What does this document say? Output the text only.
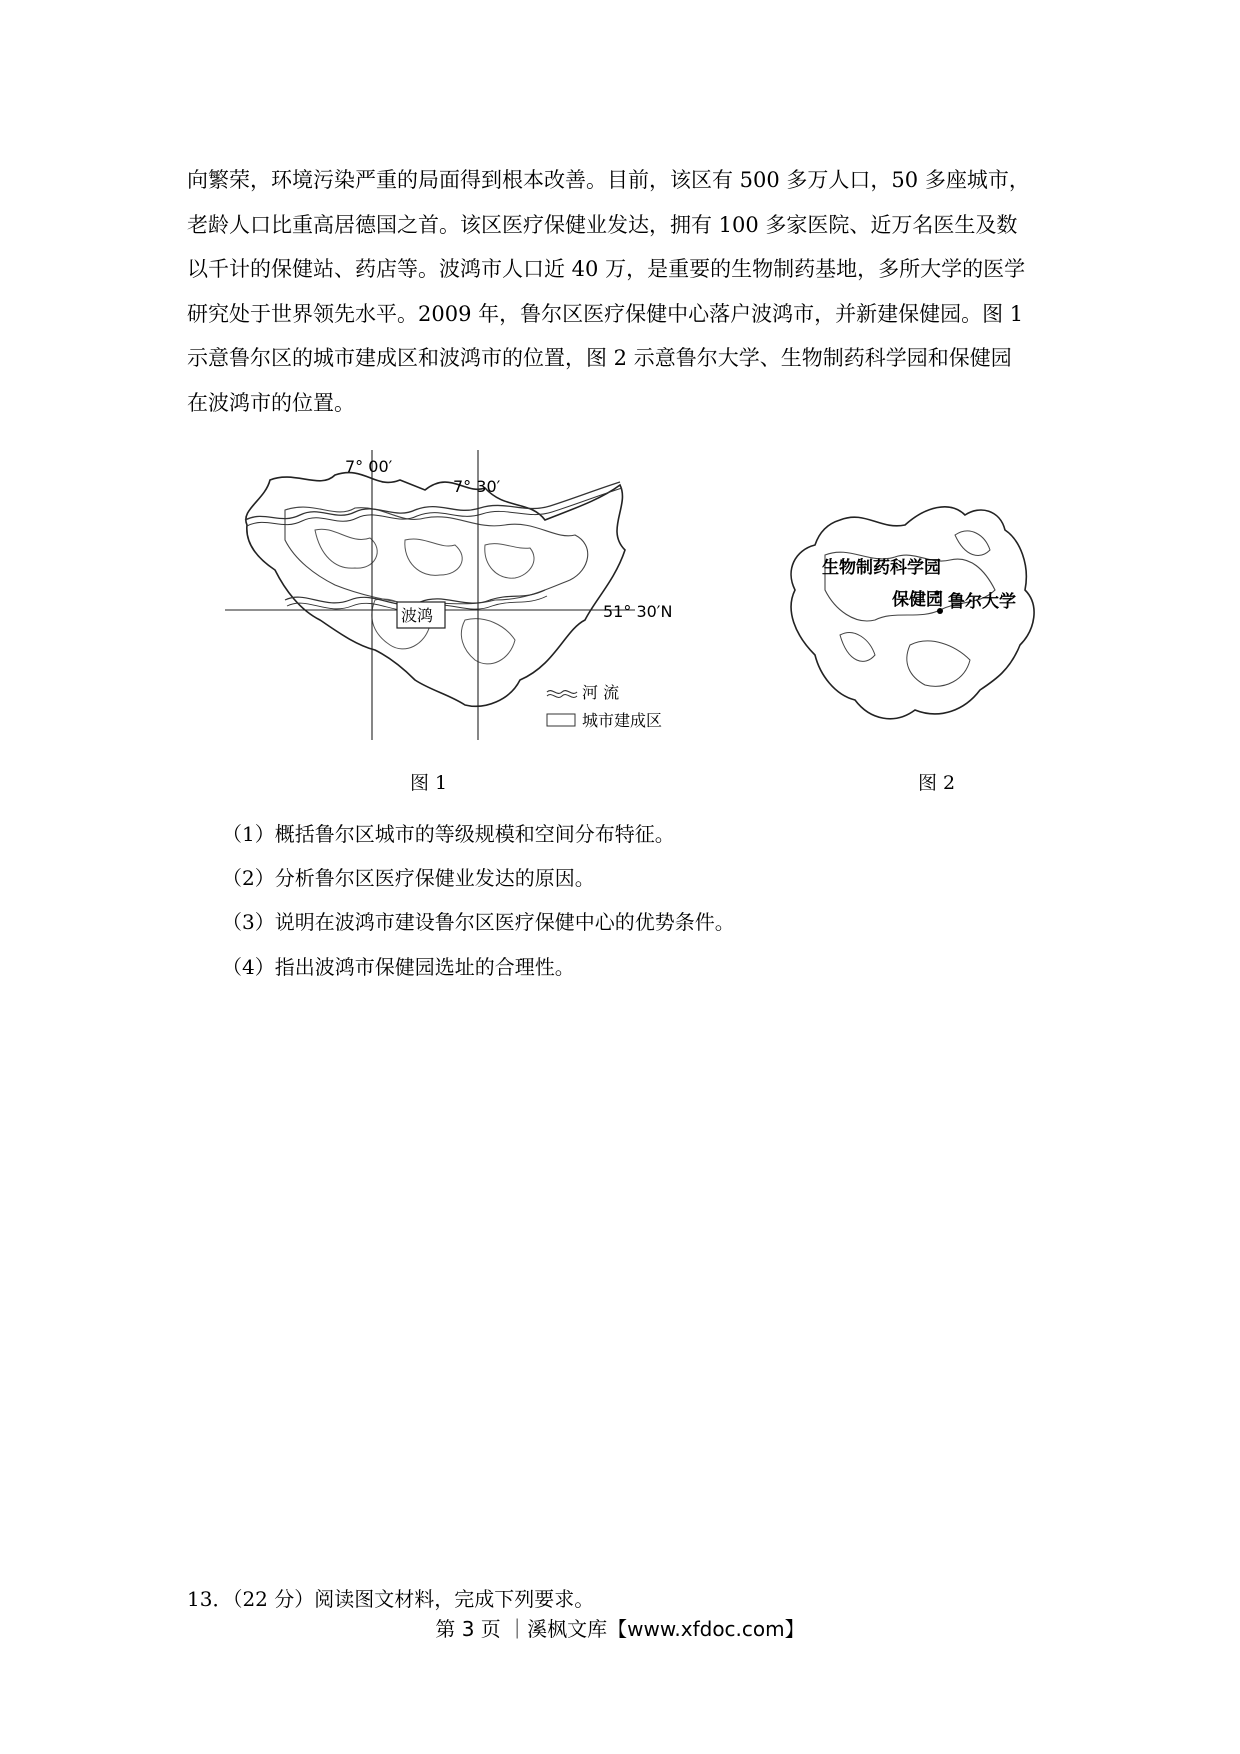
向繁荣，环境污染严重的局面得到根本改善。目前，该区有 500 多万人口，50 多座城市，
老龄人口比重高居德国之首。该区医疗保健业发达，拥有 100 多家医院、近万名医生及数
以千计的保健站、药店等。波鸿市人口近 40 万，是重要的生物制药基地，多所大学的医学
研究处于世界领先水平。2009 年，鲁尔区医疗保健中心落户波鸿市，并新建保健园。图 1
示意鲁尔区的城市建成区和波鸿市的位置，图 2 示意鲁尔大学、生物制药科学园和保健园
在波鸿市的位置。

波鸿
7° 00′
7° 30′
51° 30′N
河 流
城市建成区
生物制药科学园
保健园 鲁尔大学
图 1	图 2
（1）概括鲁尔区城市的等级规模和空间分布特征。
（2）分析鲁尔区医疗保健业发达的原因。
（3）说明在波鸿市建设鲁尔区医疗保健中心的优势条件。
（4）指出波鸿市保健园选址的合理性。
13．（22 分）阅读图文材料，完成下列要求。
第 3 页 ｜溪枫文库【www.xfdoc.com】
